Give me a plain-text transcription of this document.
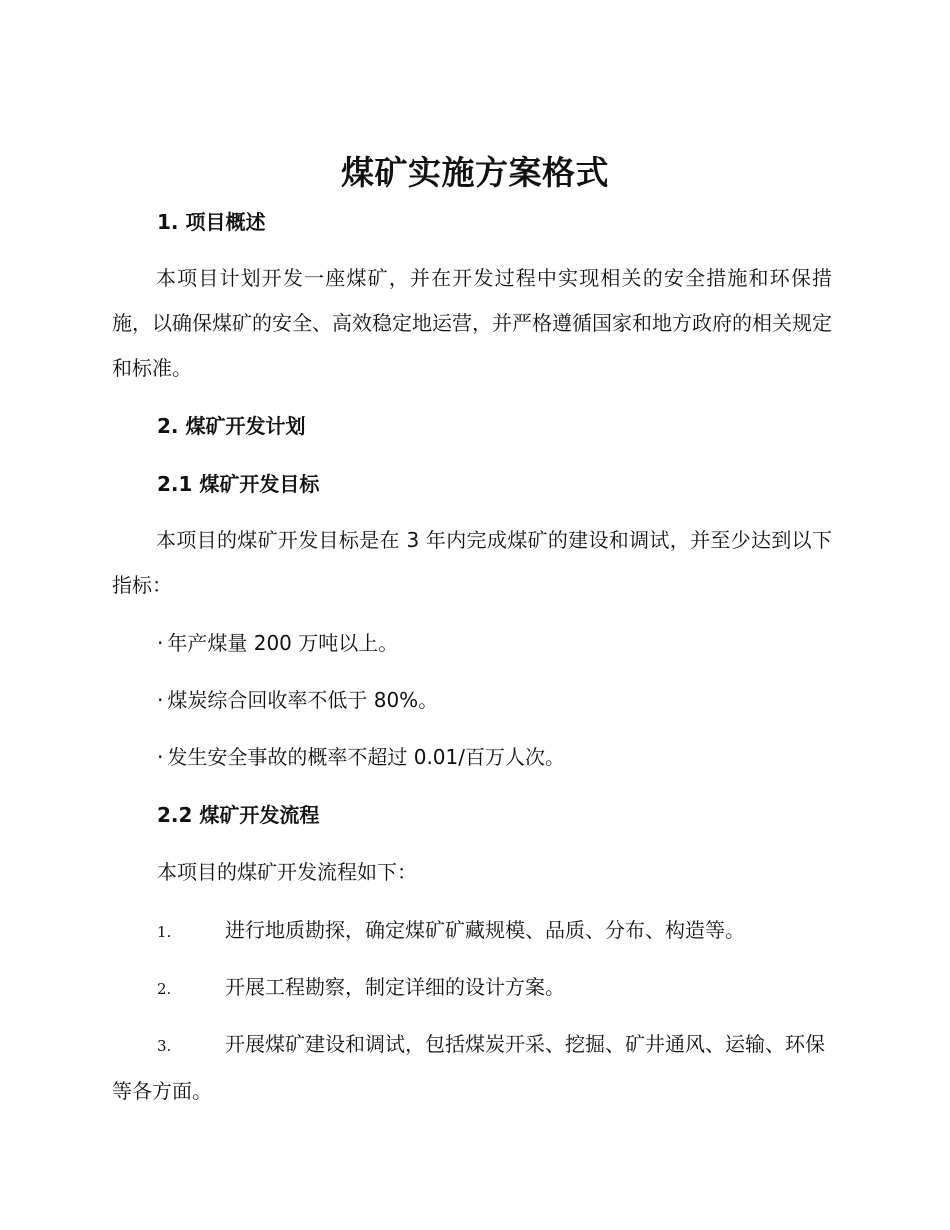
煤矿实施方案格式
1. 项目概述
本项目计划开发一座煤矿，并在开发过程中实现相关的安全措施和环保措施，以确保煤矿的安全、高效稳定地运营，并严格遵循国家和地方政府的相关规定和标准。
2. 煤矿开发计划
2.1 煤矿开发目标
本项目的煤矿开发目标是在 3 年内完成煤矿的建设和调试，并至少达到以下指标：
· 年产煤量 200 万吨以上。
· 煤炭综合回收率不低于 80%。
· 发生安全事故的概率不超过 0.01/百万人次。
2.2 煤矿开发流程
本项目的煤矿开发流程如下：
1.	进行地质勘探，确定煤矿矿藏规模、品质、分布、构造等。
2.	开展工程勘察，制定详细的设计方案。
3.	开展煤矿建设和调试，包括煤炭开采、挖掘、矿井通风、运输、环保等各方面。
